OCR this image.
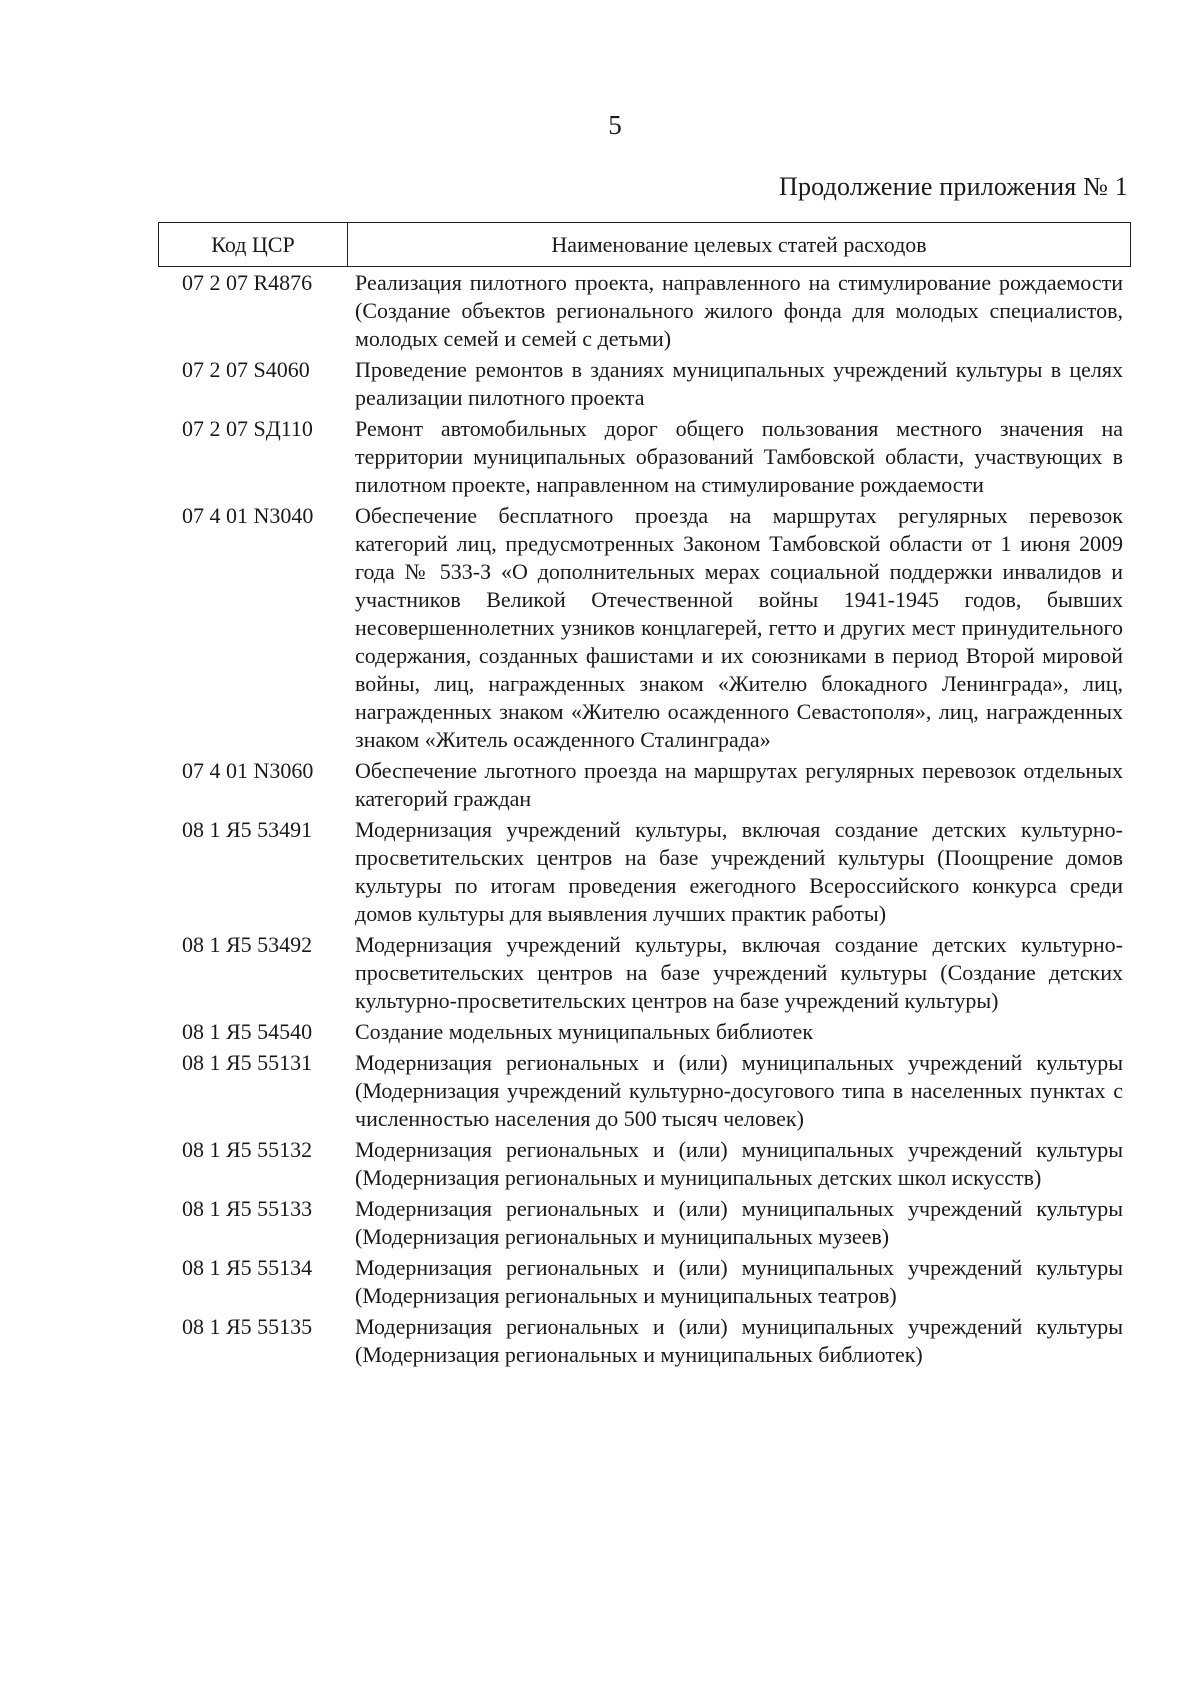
5
Продолжение приложения № 1
Код ЦСР	Наименование целевых статей расходов
07 2 07 R4876	Реализация пилотного проекта, направленного на стимулирование рождаемости (Создание объектов регионального жилого фонда для молодых специалистов, молодых семей и семей с детьми)
07 2 07 S4060	Проведение ремонтов в зданиях муниципальных учреждений культуры в целях реализации пилотного проекта
07 2 07 SД110	Ремонт автомобильных дорог общего пользования местного значения на территории муниципальных образований Тамбовской области, участвующих в пилотном проекте, направленном на стимулирование рождаемости
07 4 01 N3040	Обеспечение бесплатного проезда на маршрутах регулярных перевозок категорий лиц, предусмотренных Законом Тамбовской области от 1 июня 2009 года № 533-З «О дополнительных мерах социальной поддержки инвалидов и участников Великой Отечественной войны 1941-1945 годов, бывших несовершеннолетних узников концлагерей, гетто и других мест принудительного содержания, созданных фашистами и их союзниками в период Второй мировой войны, лиц, награжденных знаком «Жителю блокадного Ленинграда», лиц, награжденных знаком «Жителю осажденного Севастополя», лиц, награжденных знаком «Житель осажденного Сталинграда»
07 4 01 N3060	Обеспечение льготного проезда на маршрутах регулярных перевозок отдельных категорий граждан
08 1 Я5 53491	Модернизация учреждений культуры, включая создание детских культурно-просветительских центров на базе учреждений культуры (Поощрение домов культуры по итогам проведения ежегодного Всероссийского конкурса среди домов культуры для выявления лучших практик работы)
08 1 Я5 53492	Модернизация учреждений культуры, включая создание детских культурно-просветительских центров на базе учреждений культуры (Создание детских культурно-просветительских центров на базе учреждений культуры)
08 1 Я5 54540	Создание модельных муниципальных библиотек
08 1 Я5 55131	Модернизация региональных и (или) муниципальных учреждений культуры (Модернизация учреждений культурно-досугового типа в населенных пунктах с численностью населения до 500 тысяч человек)
08 1 Я5 55132	Модернизация региональных и (или) муниципальных учреждений культуры (Модернизация региональных и муниципальных детских школ искусств)
08 1 Я5 55133	Модернизация региональных и (или) муниципальных учреждений культуры (Модернизация региональных и муниципальных музеев)
08 1 Я5 55134	Модернизация региональных и (или) муниципальных учреждений культуры (Модернизация региональных и муниципальных театров)
08 1 Я5 55135	Модернизация региональных и (или) муниципальных учреждений культуры (Модернизация региональных и муниципальных библиотек)
